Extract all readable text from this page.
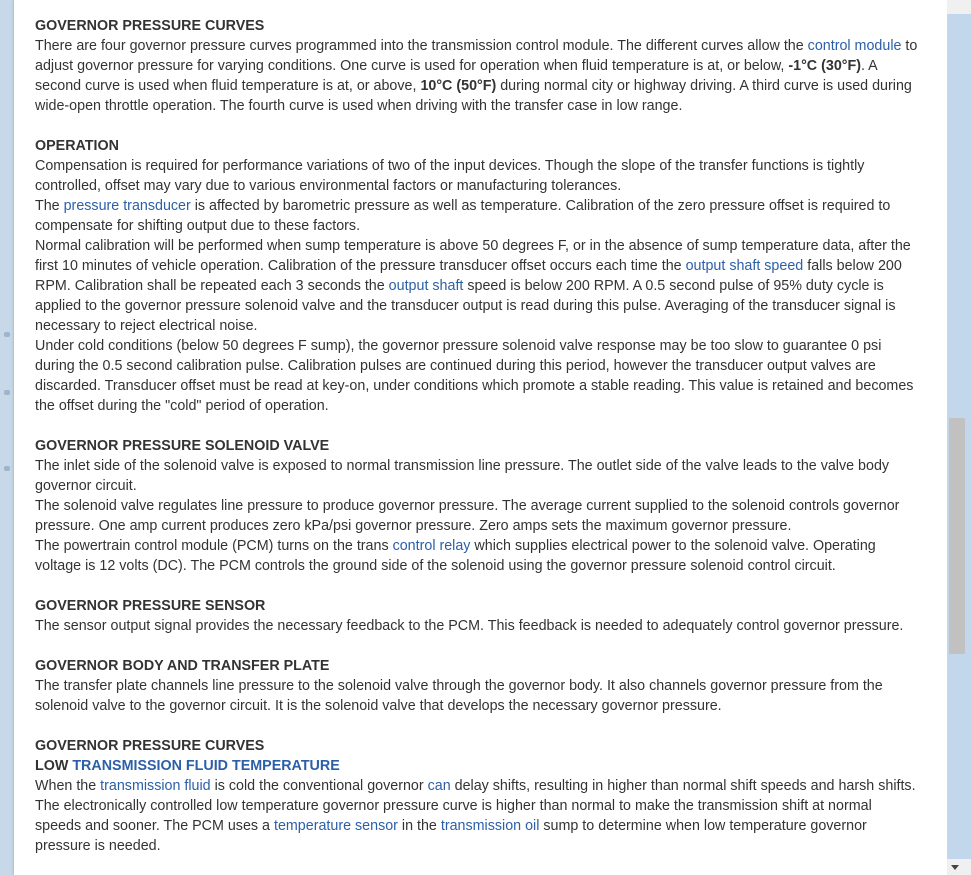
GOVERNOR PRESSURE CURVES
There are four governor pressure curves programmed into the transmission control module. The different curves allow the control module to adjust governor pressure for varying conditions. One curve is used for operation when fluid temperature is at, or below, -1°C (30°F). A second curve is used when fluid temperature is at, or above, 10°C (50°F) during normal city or highway driving. A third curve is used during wide-open throttle operation. The fourth curve is used when driving with the transfer case in low range.
OPERATION
Compensation is required for performance variations of two of the input devices. Though the slope of the transfer functions is tightly controlled, offset may vary due to various environmental factors or manufacturing tolerances.
The pressure transducer is affected by barometric pressure as well as temperature. Calibration of the zero pressure offset is required to compensate for shifting output due to these factors.
Normal calibration will be performed when sump temperature is above 50 degrees F, or in the absence of sump temperature data, after the first 10 minutes of vehicle operation. Calibration of the pressure transducer offset occurs each time the output shaft speed falls below 200 RPM. Calibration shall be repeated each 3 seconds the output shaft speed is below 200 RPM. A 0.5 second pulse of 95% duty cycle is applied to the governor pressure solenoid valve and the transducer output is read during this pulse. Averaging of the transducer signal is necessary to reject electrical noise.
Under cold conditions (below 50 degrees F sump), the governor pressure solenoid valve response may be too slow to guarantee 0 psi during the 0.5 second calibration pulse. Calibration pulses are continued during this period, however the transducer output valves are discarded. Transducer offset must be read at key-on, under conditions which promote a stable reading. This value is retained and becomes the offset during the "cold" period of operation.
GOVERNOR PRESSURE SOLENOID VALVE
The inlet side of the solenoid valve is exposed to normal transmission line pressure. The outlet side of the valve leads to the valve body governor circuit.
The solenoid valve regulates line pressure to produce governor pressure. The average current supplied to the solenoid controls governor pressure. One amp current produces zero kPa/psi governor pressure. Zero amps sets the maximum governor pressure.
The powertrain control module (PCM) turns on the trans control relay which supplies electrical power to the solenoid valve. Operating voltage is 12 volts (DC). The PCM controls the ground side of the solenoid using the governor pressure solenoid control circuit.
GOVERNOR PRESSURE SENSOR
The sensor output signal provides the necessary feedback to the PCM. This feedback is needed to adequately control governor pressure.
GOVERNOR BODY AND TRANSFER PLATE
The transfer plate channels line pressure to the solenoid valve through the governor body. It also channels governor pressure from the solenoid valve to the governor circuit. It is the solenoid valve that develops the necessary governor pressure.
GOVERNOR PRESSURE CURVES
LOW TRANSMISSION FLUID TEMPERATURE
When the transmission fluid is cold the conventional governor can delay shifts, resulting in higher than normal shift speeds and harsh shifts. The electronically controlled low temperature governor pressure curve is higher than normal to make the transmission shift at normal speeds and sooner. The PCM uses a temperature sensor in the transmission oil sump to determine when low temperature governor pressure is needed.
